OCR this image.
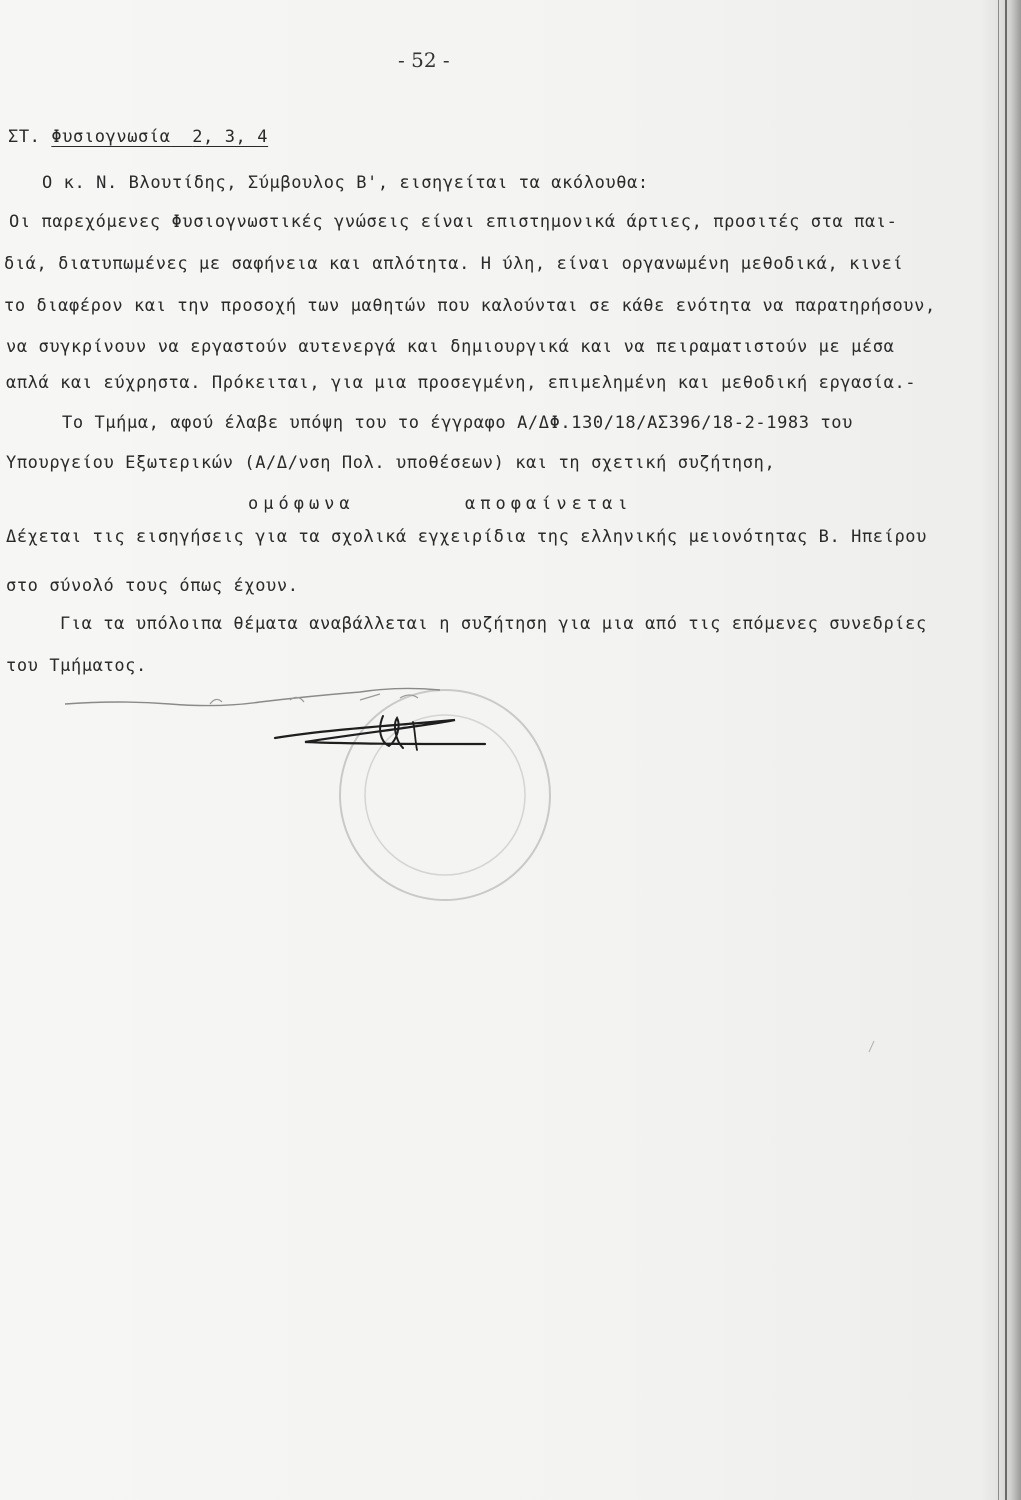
- 52 -
ΣΤ. Φυσιογνωσία 2, 3, 4
Ο κ. Ν. Βλουτίδης, Σύμβουλος Β', εισηγείται τα ακόλουθα:
Οι παρεχόμενες Φυσιογνωστικές γνώσεις είναι επιστημονικά άρτιες, προσιτές στα παι-
διά, διατυπωμένες με σαφήνεια και απλότητα. Η ύλη, είναι οργανωμένη μεθοδικά, κινεί
το διαφέρον και την προσοχή των μαθητών που καλούνται σε κάθε ενότητα να παρατηρήσουν,
να συγκρίνουν να εργαστούν αυτενεργά και δημιουργικά και να πειραματιστούν με μέσα
απλά και εύχρηστα. Πρόκειται, για μια προσεγμένη, επιμελημένη και μεθοδική εργασία.-
Το Τμήμα, αφού έλαβε υπόψη του το έγγραφο Α/ΔΦ.130/18/ΑΣ396/18-2-1983 του
Υπουργείου Εξωτερικών (Α/Δ/νση Πολ. υποθέσεων) και τη σχετική συζήτηση,
ομόφωνα	αποφαίνεται
Δέχεται τις εισηγήσεις για τα σχολικά εγχειρίδια της ελληνικής μειονότητας Β. Ηπείρου
στο σύνολό τους όπως έχουν.
Για τα υπόλοιπα θέματα αναβάλλεται η συζήτηση για μια από τις επόμενες συνεδρίες
του Τμήματος.
